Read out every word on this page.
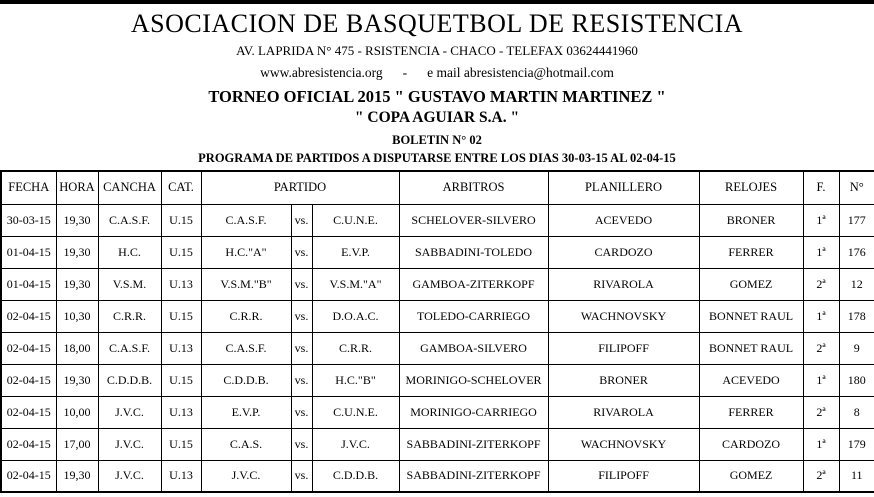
ASOCIACION DE BASQUETBOL DE RESISTENCIA
AV. LAPRIDA N° 475 - RSISTENCIA - CHACO - TELEFAX 03624441960
www.abresistencia.org - e mail abresistencia@hotmail.com
TORNEO OFICIAL 2015 " GUSTAVO MARTIN MARTINEZ "
" COPA AGUIAR S.A. "
BOLETIN N° 02
PROGRAMA DE PARTIDOS A DISPUTARSE ENTRE LOS DIAS 30-03-15 AL 02-04-15
FECHA	HORA	CANCHA	CAT.	PARTIDO			ARBITROS	PLANILLERO	RELOJES	F.	N°
30-03-15	19,30	C.A.S.F.	U.15	C.A.S.F.	vs.	C.U.N.E.	SCHELOVER-SILVERO	ACEVEDO	BRONER	1ª	177
01-04-15	19,30	H.C.	U.15	H.C."A"	vs.	E.V.P.	SABBADINI-TOLEDO	CARDOZO	FERRER	1ª	176
01-04-15	19,30	V.S.M.	U.13	V.S.M."B"	vs.	V.S.M."A"	GAMBOA-ZITERKOPF	RIVAROLA	GOMEZ	2ª	12
02-04-15	10,30	C.R.R.	U.15	C.R.R.	vs.	D.O.A.C.	TOLEDO-CARRIEGO	WACHNOVSKY	BONNET RAUL	1ª	178
02-04-15	18,00	C.A.S.F.	U.13	C.A.S.F.	vs.	C.R.R.	GAMBOA-SILVERO	FILIPOFF	BONNET RAUL	2ª	9
02-04-15	19,30	C.D.D.B.	U.15	C.D.D.B.	vs.	H.C."B"	MORINIGO-SCHELOVER	BRONER	ACEVEDO	1ª	180
02-04-15	10,00	J.V.C.	U.13	E.V.P.	vs.	C.U.N.E.	MORINIGO-CARRIEGO	RIVAROLA	FERRER	2ª	8
02-04-15	17,00	J.V.C.	U.15	C.A.S.	vs.	J.V.C.	SABBADINI-ZITERKOPF	WACHNOVSKY	CARDOZO	1ª	179
02-04-15	19,30	J.V.C.	U.13	J.V.C.	vs.	C.D.D.B.	SABBADINI-ZITERKOPF	FILIPOFF	GOMEZ	2ª	11
